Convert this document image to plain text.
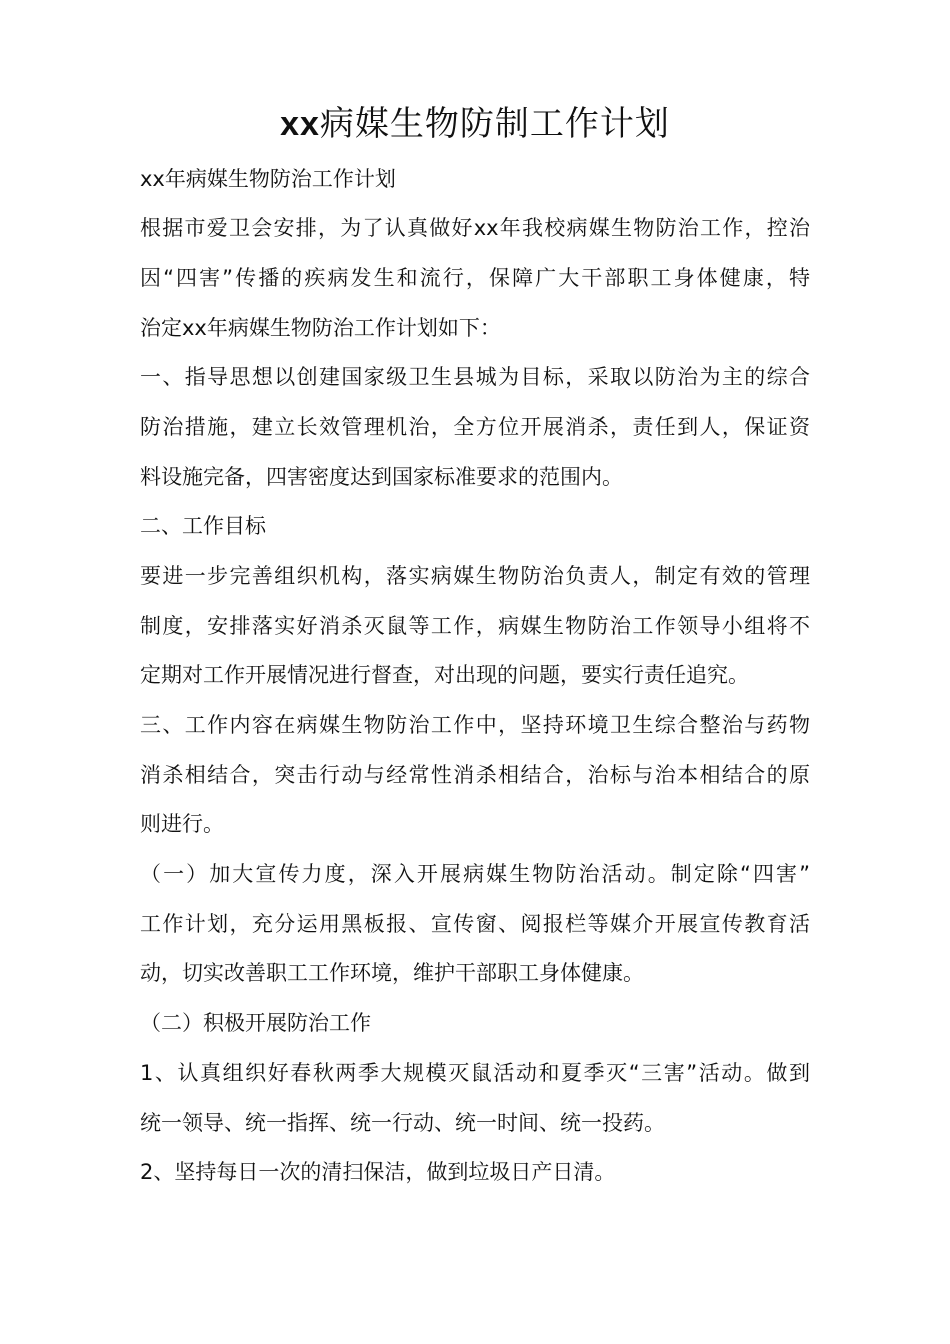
xx病媒生物防制工作计划

xx年病媒生物防治工作计划

根据市爱卫会安排，为了认真做好xx年我校病媒生物防治工作，控治

因“四害”传播的疾病发生和流行，保障广大干部职工身体健康，特

治定xx年病媒生物防治工作计划如下：

一、指导思想以创建国家级卫生县城为目标，采取以防治为主的综合

防治措施，建立长效管理机治，全方位开展消杀，责任到人，保证资

料设施完备，四害密度达到国家标准要求的范围内。

二、工作目标

要进一步完善组织机构，落实病媒生物防治负责人，制定有效的管理

制度，安排落实好消杀灭鼠等工作，病媒生物防治工作领导小组将不

定期对工作开展情况进行督查，对出现的问题，要实行责任追究。

三、工作内容在病媒生物防治工作中，坚持环境卫生综合整治与药物

消杀相结合，突击行动与经常性消杀相结合，治标与治本相结合的原

则进行。

（一）加大宣传力度，深入开展病媒生物防治活动。制定除“四害”

工作计划，充分运用黑板报、宣传窗、阅报栏等媒介开展宣传教育活

动，切实改善职工工作环境，维护干部职工身体健康。

（二）积极开展防治工作

1、认真组织好春秋两季大规模灭鼠活动和夏季灭“三害”活动。做到

统一领导、统一指挥、统一行动、统一时间、统一投药。

2、坚持每日一次的清扫保洁，做到垃圾日产日清。
